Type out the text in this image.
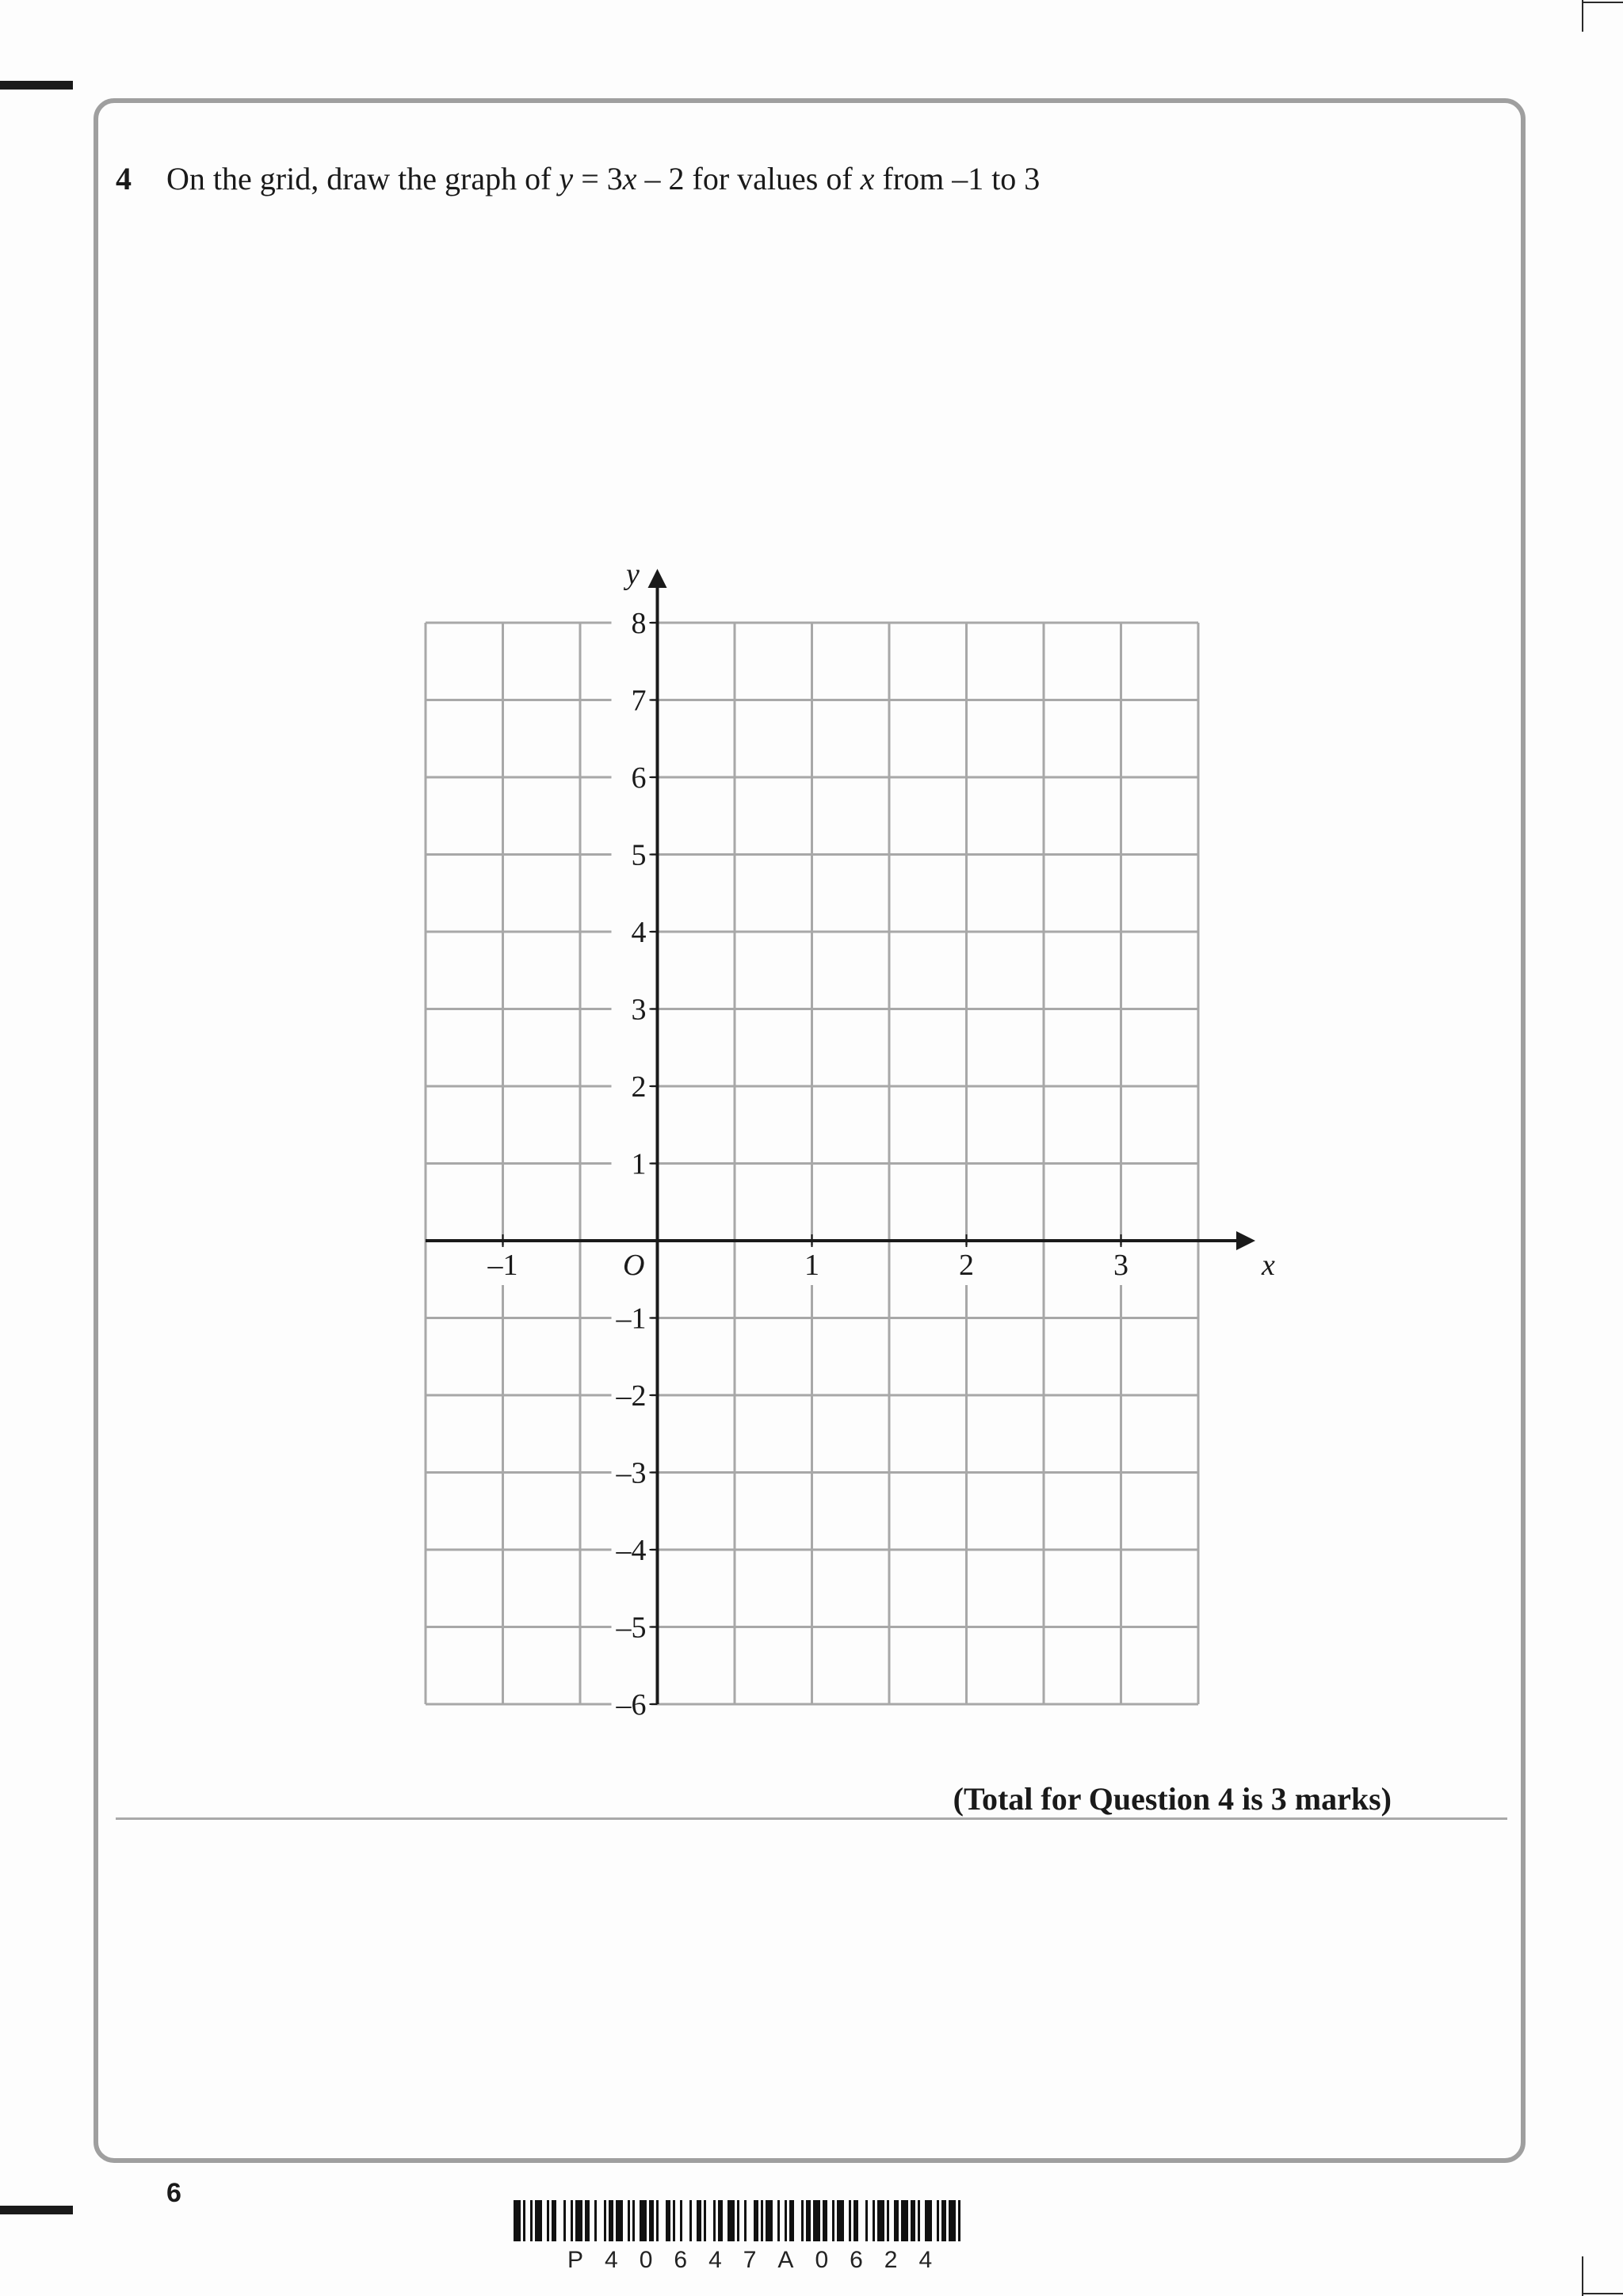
4 On the grid, draw the graph of y = 3x – 2 for values of x from –1 to 3
–1	1	2	3
8
7
6
5
4
3
2
1
–1
–2
–3
–4
–5
–6
x
y
O
(Total for Question 4 is 3 marks)
6
P40647A0624
